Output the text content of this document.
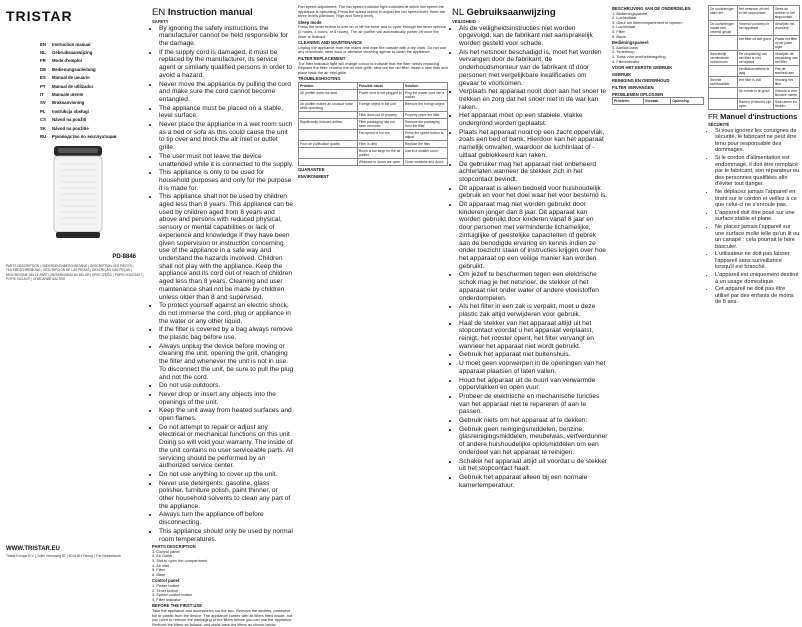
TRISTAR
EN	Instruction manual
NL	Gebruiksaanwijzing
FR	Mode d'emploi
DE	Bedienungsanleitung
ES	Manual de usuario
PT	Manual de utilizador
IT	Manuale utente
SV	Bruksanvisning
PL	Instrukcja obsługi
CS	Návod na použití
SK	Návod na použitie
RU	Руководство по эксплуатации
PD-8846
PARTS DESCRIPTION | ONDERDELENBESCHRIJVING | DESCRIPTION DES PIÈCES | TEILEBESCHREIBUNG | DESCRIPCIÓN DE LAS PIEZAS | DESCRIÇÃO DAS PEÇAS | DESCRIZIONE DELLE PARTI | BESKRIVNING AV DELAR | OPIS CZĘŚCI | POPIS SOUČÁSTÍ | POPIS SÚČASTÍ | ОПИСАНИЕ ЧАСТЕЙ
WWW.TRISTAR.EU
Tristar Europe B.V. | Jules Verneweg 87 | 5015 BH Tilburg | The Netherlands
EN Instruction manual
SAFETY
• By ignoring the safety instructions the manufacturer cannot be held responsible for the damage.
• If the supply cord is damaged, it must be replaced by the manufacturer, its service agent or similarly qualified persons in order to avoid a hazard.
• Never move the appliance by pulling the cord and make sure the cord cannot become entangled.
• The appliance must be placed on a stable, level surface.
• Never place the appliance in a wet room such as a bed or sofa as this could cause the unit to tip over and block the air inlet or outlet grille.
• The user must not leave the device unattended while it is connected to the supply.
• This appliance is only to be used for household purposes and only for the purpose it is made for.
• This appliance shall not be used by children aged less than 8 years. This appliance can be used by children aged from 8 years and above and persons with reduced physical, sensory or mental capabilities or lack of experience and knowledge if they have been given supervision or instruction concerning use of the appliance in a safe way and understand the hazards involved. Children shall not play with the appliance. Keep the appliance and its cord out of reach of children aged less than 8 years. Cleaning and user maintenance shall not be made by children unless older than 8 and supervised.
• To protect yourself against an electric shock, do not immerse the cord, plug or appliance in the water or any other liquid.
• If the filter is covered by a bag always remove the plastic bag before use.
• Always unplug the device before moving or cleaning the unit, opening the grill, changing the filter and whenever the unit is not in use. To disconnect the unit, be sure to pull the plug and not the cord.
• Do not use outdoors.
• Never drop or insert any objects into the openings of the unit.
• Keep the unit away from heated surfaces and open flames.
• Do not attempt to repair or adjust any electrical or mechanical functions on this unit. Doing so will void your warranty. The inside of the unit contains no user serviceable parts. All servicing should be performed by an authorized service center.
• Do not use anything to cover up the unit.
• Never use detergents, gasoline, glass polisher, furniture polish, paint thinner, or other household solvents to clean any part of the appliance.
• Always turn the appliance off before disconnecting.
• This appliance should only be used by normal room temperatures.
PARTS DESCRIPTION
1. Control panel
2. Air Outlet
3. Slot to open the compartment
4. Air inlet
5. Filter
6. Base
Control panel:
1. Power button
2. Timer button
3. Speed control button
4. Filter indicator
BEFORE THE FIRST USE

Take the appliance and accessories out the box. Remove the stickers, protective foil or plastic from the device. The appliance comes with all filters fitted inside, but you need to remove the packaging of the filters before you can use the appliance. Remove the filters as follows, and place back the filters as shown below.

Fan speed adjustment: The fan speed indicator light indicates at which fan speed the appliance is operating. Press the speed button to adjust the fan speed level; there are three levels (Medium, High and Sleep level).

Sleep mode

Press the timer button to turn on or off the timer and to cycle through the timer options (2 hours, 4 hours, or 8 hours). The air purifier will automatically power off once the timer is finished.

CLEANING AND MAINTENANCE

Unplug the appliance from the mains and wipe the outside with a dry cloth. Do not use any chemicals, steel wool or abrasive cleaning agents to clean the appliance.

FILTER REPLACEMENT

The filter indicator light will change colour to indicate that the filter needs replacing. Replace the filter: remove the air inlet grille, take out the old filter, insert a new filter and place back the air inlet grille.

TROUBLESHOOTING
Problem	Possible cause	Solution
Air purifier does not start	Power cord is not plugged in	Plug the power cord into a socket
Air purifier makes an unusual noise while operating	Foreign object in the unit	Remove the foreign object
	Filter does not fit properly	Properly place the filter
Significantly reduced airflow	Filter packaging has not been removed	Remove the packaging from the filter
	Fan speed is too low	Press the speed button to adjust
Poor air purification quality	Filter is dirty	Replace the filter
	Room is too large for the air purifier	Use in a smaller room
	Windows or doors are open	Close windows and doors
GUARANTEE
ENVIRONMENT
NL Gebruiksaanwijzing
VEILIGHEID
• Als de veiligheidsinstructies niet worden opgevolgd, kan de fabrikant niet aansprakelijk worden gesteld voor schade.
• Als het netsnoer beschadigd is, moet het worden vervangen door de fabrikant, de onderhoudsmonteur van de fabrikant of door personen met vergelijkbare kwalificaties om gevaar te voorkomen.
• Verplaats het apparaat nooit door aan het snoer te trekken en zorg dat het snoer niet in de war kan raken.
• Het apparaat moet op een stabiele, vlakke ondergrond worden geplaatst.
• Plaats het apparaat nooit op een zacht oppervlak, zoals een bed of bank. Hierdoor kan het apparaat namelijk omvallen, waardoor de luchtinlaat of -uitlaat geblokkeerd kan raken.
• De gebruiker mag het apparaat niet onbeheerd achterlaten wanneer de stekker zich in het stopcontact bevindt.
• Dit apparaat is alleen bedoeld voor huishoudelijk gebruik en voor het doel waar het voor bestemd is.
• Dit apparaat mag niet worden gebruikt door kinderen jonger dan 8 jaar. Dit apparaat kan worden gebruikt door kinderen vanaf 8 jaar en door personen met verminderde lichamelijke, zintuiglijke of geestelijke capaciteiten of gebrek aan de benodigde ervaring en kennis indien ze onder toezicht staan of instructies krijgen over hoe het apparaat op een veilige manier kan worden gebruikt.
• Om jezelf te beschermen tegen een elektrische schok mag je het netsnoer, de stekker of het apparaat niet onder water of andere vloeistoffen onderdompelen.
• Als het filter in een zak is verpakt, moet u deze plastic zak altijd verwijderen voor gebruik.
• Haal de stekker van het apparaat altijd uit het stopcontact voordat u het apparaat verplaatst, reinigt, het rooster opent, het filter vervangt en wanneer het apparaat niet wordt gebruikt.
• Gebruik het apparaat niet buitenshuis.
• U moet geen voorwerpen in de openingen van het apparaat plaatsen of laten vallen.
• Houd het apparaat uit de buurt van verwarmde oppervlakken en open vuur.
• Probeer de elektrische en mechanische functies van het apparaat niet te repareren of aan te passen.
• Gebruik niets om het apparaat af te dekken.
• Gebruik geen reinigingsmiddelen, benzine, glasreinigingsmiddelen, meubelwas, verfverdunner of andere huishoudelijke oplosmiddelen om een onderdeel van het apparaat te reinigen.
• Schakel het apparaat altijd uit voordat u de stekker uit het stopcontact haalt.
• Gebruik het apparaat alleen bij een normale kamertemperatuur.
BESCHRIJVING VAN DE ONDERDELEN
1. Bedieningspaneel
2. Luchtuitlaat
3. Gleuf om filtercompartiment te openen
4. Luchtinlaat
5. Filter
6. Basis
Bedieningspaneel:
1. Aan/uit-toets
2. Timerknop
3. Toets voor snelheidsregeling
4. Filterindicator
VOOR HET EERSTE GEBRUIK
GEBRUIK
REINIGING EN ONDERHOUD
FILTER VERVANGEN
PROBLEMEN OPLOSSEN
Probleem	Oorzaak	Oplossing
De luchtreiniger start niet	Het netsnoer zit niet in het stopcontact	Steek de stekker in het stopcontact
De luchtreiniger maakt een vreemd geluid	Vreemd voorwerp in het apparaat	Verwijder het voorwerp
	Het filter zit niet goed	Plaats het filter op de juiste wijze
Aanzienlijk verminderde luchtstroom	De verpakking van het filter is niet verwijderd	Verwijder de verpakking van het filter
	Ventilatorsnelheid te laag	Pas de snelheid aan
Slechte luchtkwaliteit	Het filter is vuil	Vervang het filter
	De ruimte is te groot	Gebruik in een kleinere ruimte
	Ramen of deuren zijn open	Sluit ramen en deuren
FR Manuel d'instructions
SÉCURITÉ
• Si vous ignorez les consignes de sécurité, le fabricant ne peut être tenu pour responsable des dommages.
• Si le cordon d'alimentation est endommagé, il doit être remplacé par le fabricant, son réparateur ou des personnes qualifiées afin d'éviter tout danger.
• Ne déplacez jamais l'appareil en tirant sur le cordon et veillez à ce que celui-ci ne s'enroule pas.
• L'appareil doit être posé sur une surface stable et plane.
• Ne placez jamais l'appareil sur une surface molle telle qu'un lit ou un canapé : cela pourrait le faire basculer.
• L'utilisateur ne doit pas laisser l'appareil sans surveillance lorsqu'il est branché.
• L'appareil est uniquement destiné à un usage domestique.
• Cet appareil ne doit pas être utilisé par des enfants de moins de 8 ans.
